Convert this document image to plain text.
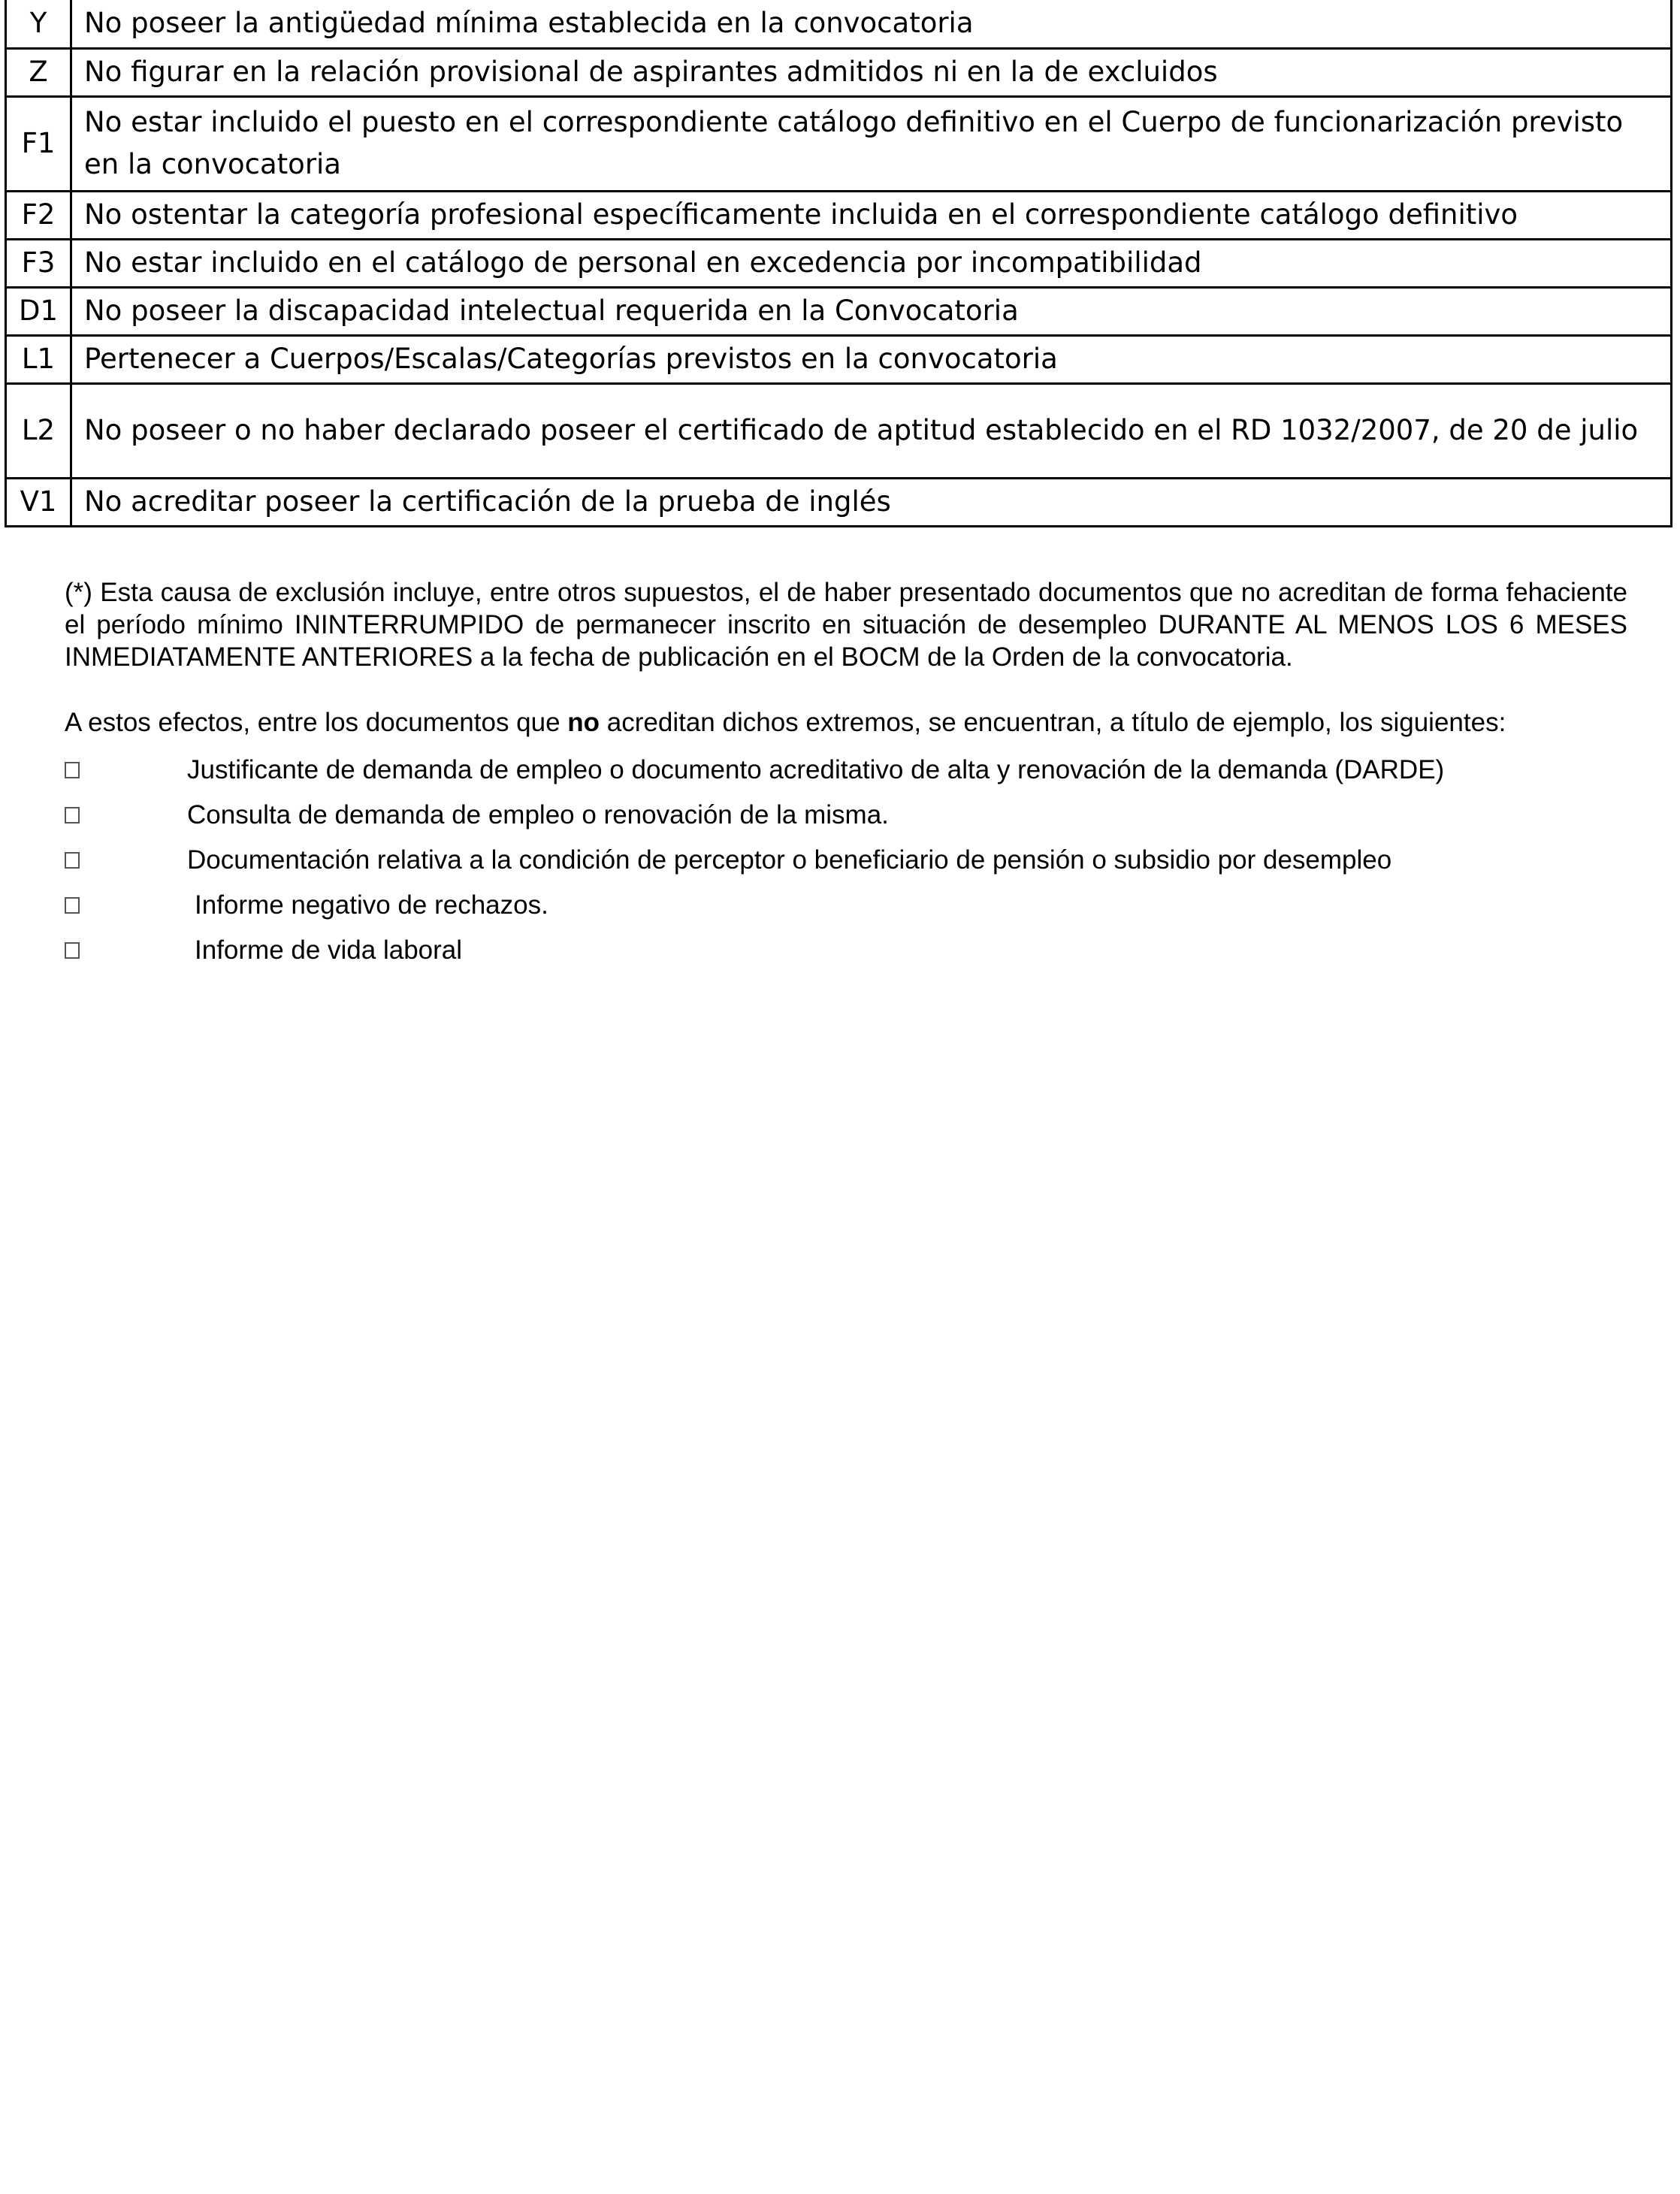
Y	No poseer la antigüedad mínima establecida en la convocatoria
Z	No figurar en la relación provisional de aspirantes admitidos ni en la de excluidos
F1	No estar incluido el puesto en el correspondiente catálogo definitivo en el Cuerpo de funcionarización previsto en la convocatoria
F2	No ostentar la categoría profesional específicamente incluida en el correspondiente catálogo definitivo
F3	No estar incluido en el catálogo de personal en excedencia por incompatibilidad
D1	No poseer la discapacidad intelectual requerida en la Convocatoria
L1	Pertenecer a Cuerpos/Escalas/Categorías previstos en la convocatoria
L2	No poseer o no haber declarado poseer el certificado de aptitud establecido en el RD 1032/2007, de 20 de julio
V1	No acreditar poseer la certificación de la prueba de inglés

(*) Esta causa de exclusión incluye, entre otros supuestos, el de haber presentado documentos que no acreditan de forma fehaciente el período mínimo ININTERRUMPIDO de permanecer inscrito en situación de desempleo DURANTE AL MENOS LOS 6 MESES INMEDIATAMENTE ANTERIORES a la fecha de publicación en el BOCM de la Orden de la convocatoria.

A estos efectos, entre los documentos que no acreditan dichos extremos, se encuentran, a título de ejemplo, los siguientes:

Justificante de demanda de empleo o documento acreditativo de alta y renovación de la demanda (DARDE)
Consulta de demanda de empleo o renovación de la misma.
Documentación relativa a la condición de perceptor o beneficiario de pensión o subsidio por desempleo
Informe negativo de rechazos.
Informe de vida laboral
